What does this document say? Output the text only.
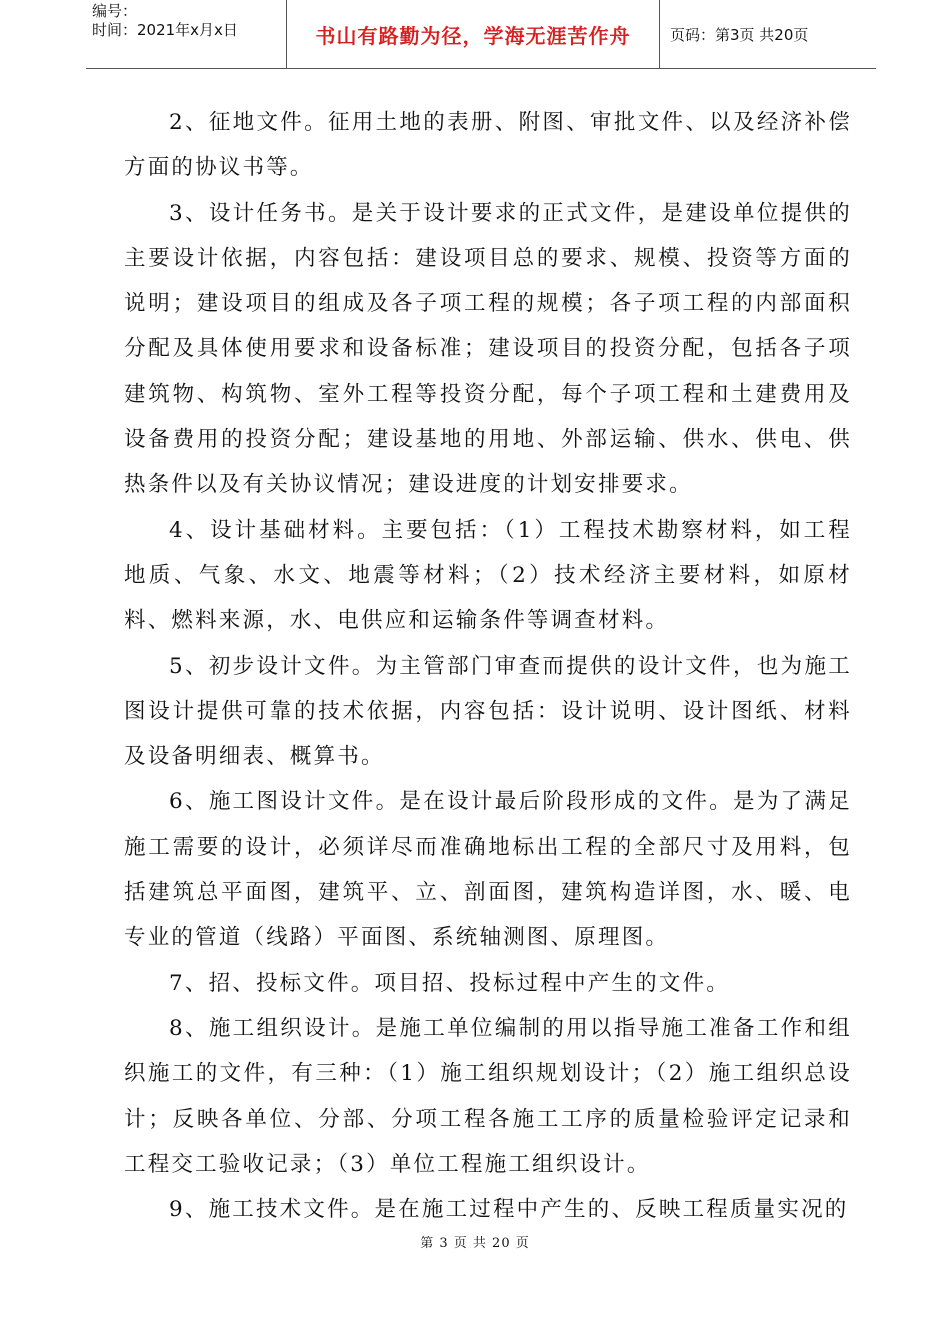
编号：
时间：2021年x月x日	书山有路勤为径，学海无涯苦作舟	页码：第3页 共20页

2、征地文件。征用土地的表册、附图、审批文件、以及经济补偿方面的协议书等。

3、设计任务书。是关于设计要求的正式文件，是建设单位提供的主要设计依据，内容包括：建设项目总的要求、规模、投资等方面的说明；建设项目的组成及各子项工程的规模；各子项工程的内部面积分配及具体使用要求和设备标准；建设项目的投资分配，包括各子项建筑物、构筑物、室外工程等投资分配，每个子项工程和土建费用及设备费用的投资分配；建设基地的用地、外部运输、供水、供电、供热条件以及有关协议情况；建设进度的计划安排要求。

4、设计基础材料。主要包括：（1）工程技术勘察材料，如工程地质、气象、水文、地震等材料；（2）技术经济主要材料，如原材料、燃料来源，水、电供应和运输条件等调查材料。

5、初步设计文件。为主管部门审查而提供的设计文件，也为施工图设计提供可靠的技术依据，内容包括：设计说明、设计图纸、材料及设备明细表、概算书。

6、施工图设计文件。是在设计最后阶段形成的文件。是为了满足施工需要的设计，必须详尽而准确地标出工程的全部尺寸及用料，包括建筑总平面图，建筑平、立、剖面图，建筑构造详图，水、暖、电专业的管道（线路）平面图、系统轴测图、原理图。

7、招、投标文件。项目招、投标过程中产生的文件。

8、施工组织设计。是施工单位编制的用以指导施工准备工作和组织施工的文件，有三种：（1）施工组织规划设计；（2）施工组织总设计；反映各单位、分部、分项工程各施工工序的质量检验评定记录和工程交工验收记录；（3）单位工程施工组织设计。

9、施工技术文件。是在施工过程中产生的、反映工程质量实况的

第 3 页 共 20 页
